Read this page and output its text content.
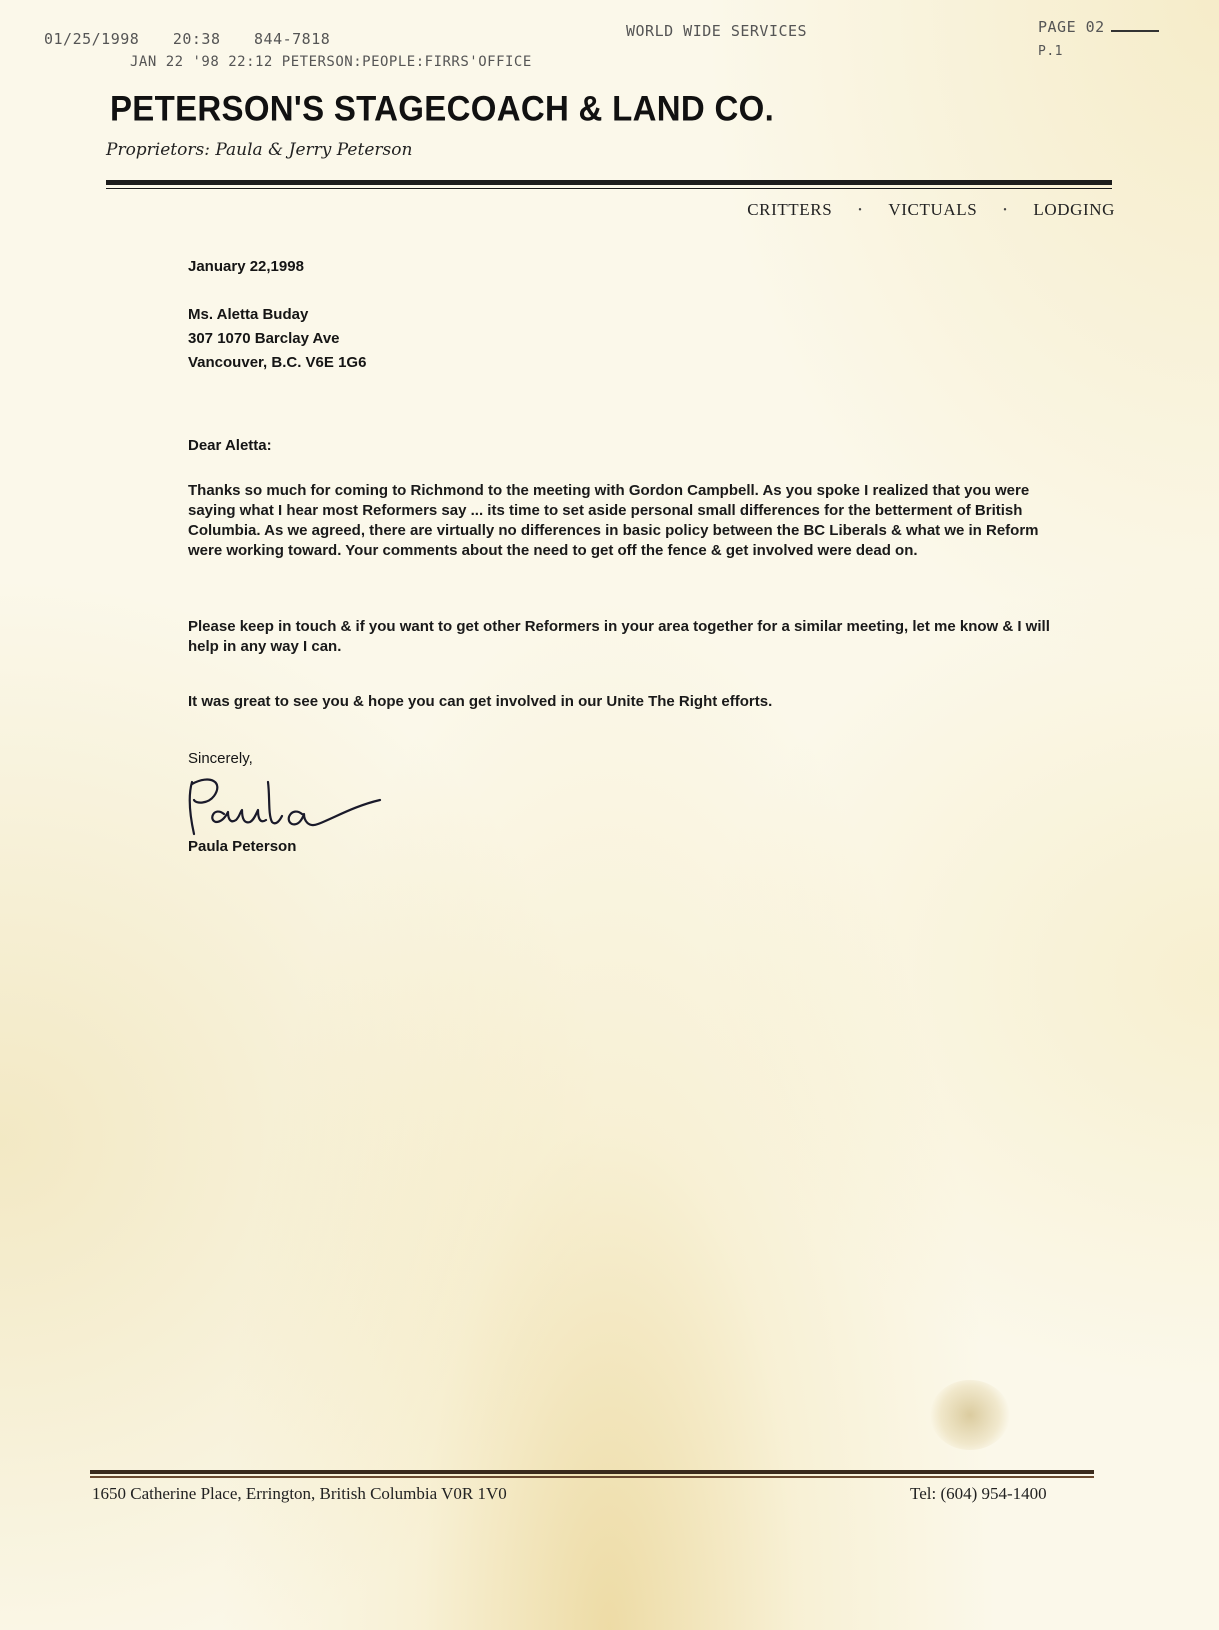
01/25/1998 20:38 844-7818	WORLD WIDE SERVICES	PAGE 02
JAN 22 '98 22:12 PETERSON:PEOPLE:FIRRS'OFFICE
P.1
PETERSON'S STAGECOACH & LAND CO.
Proprietors: Paula & Jerry Peterson
CRITTERS	• VICTUALS	• LODGING
January 22,1998
Ms. Aletta Buday
307 1070 Barclay Ave
Vancouver, B.C. V6E 1G6
Dear Aletta:
Thanks so much for coming to Richmond to the meeting with Gordon Campbell. As you spoke I realized that you were saying what I hear most Reformers say ... its time to set aside personal small differences for the betterment of British Columbia. As we agreed, there are virtually no differences in basic policy between the BC Liberals & what we in Reform were working toward. Your comments about the need to get off the fence & get involved were dead on.
Please keep in touch & if you want to get other Reformers in your area together for a similar meeting, let me know & I will help in any way I can.
It was great to see you & hope you can get involved in our Unite The Right efforts.
Sincerely,
Paula Peterson
1650 Catherine Place, Errington, British Columbia V0R 1V0	Tel: (604) 954-1400
